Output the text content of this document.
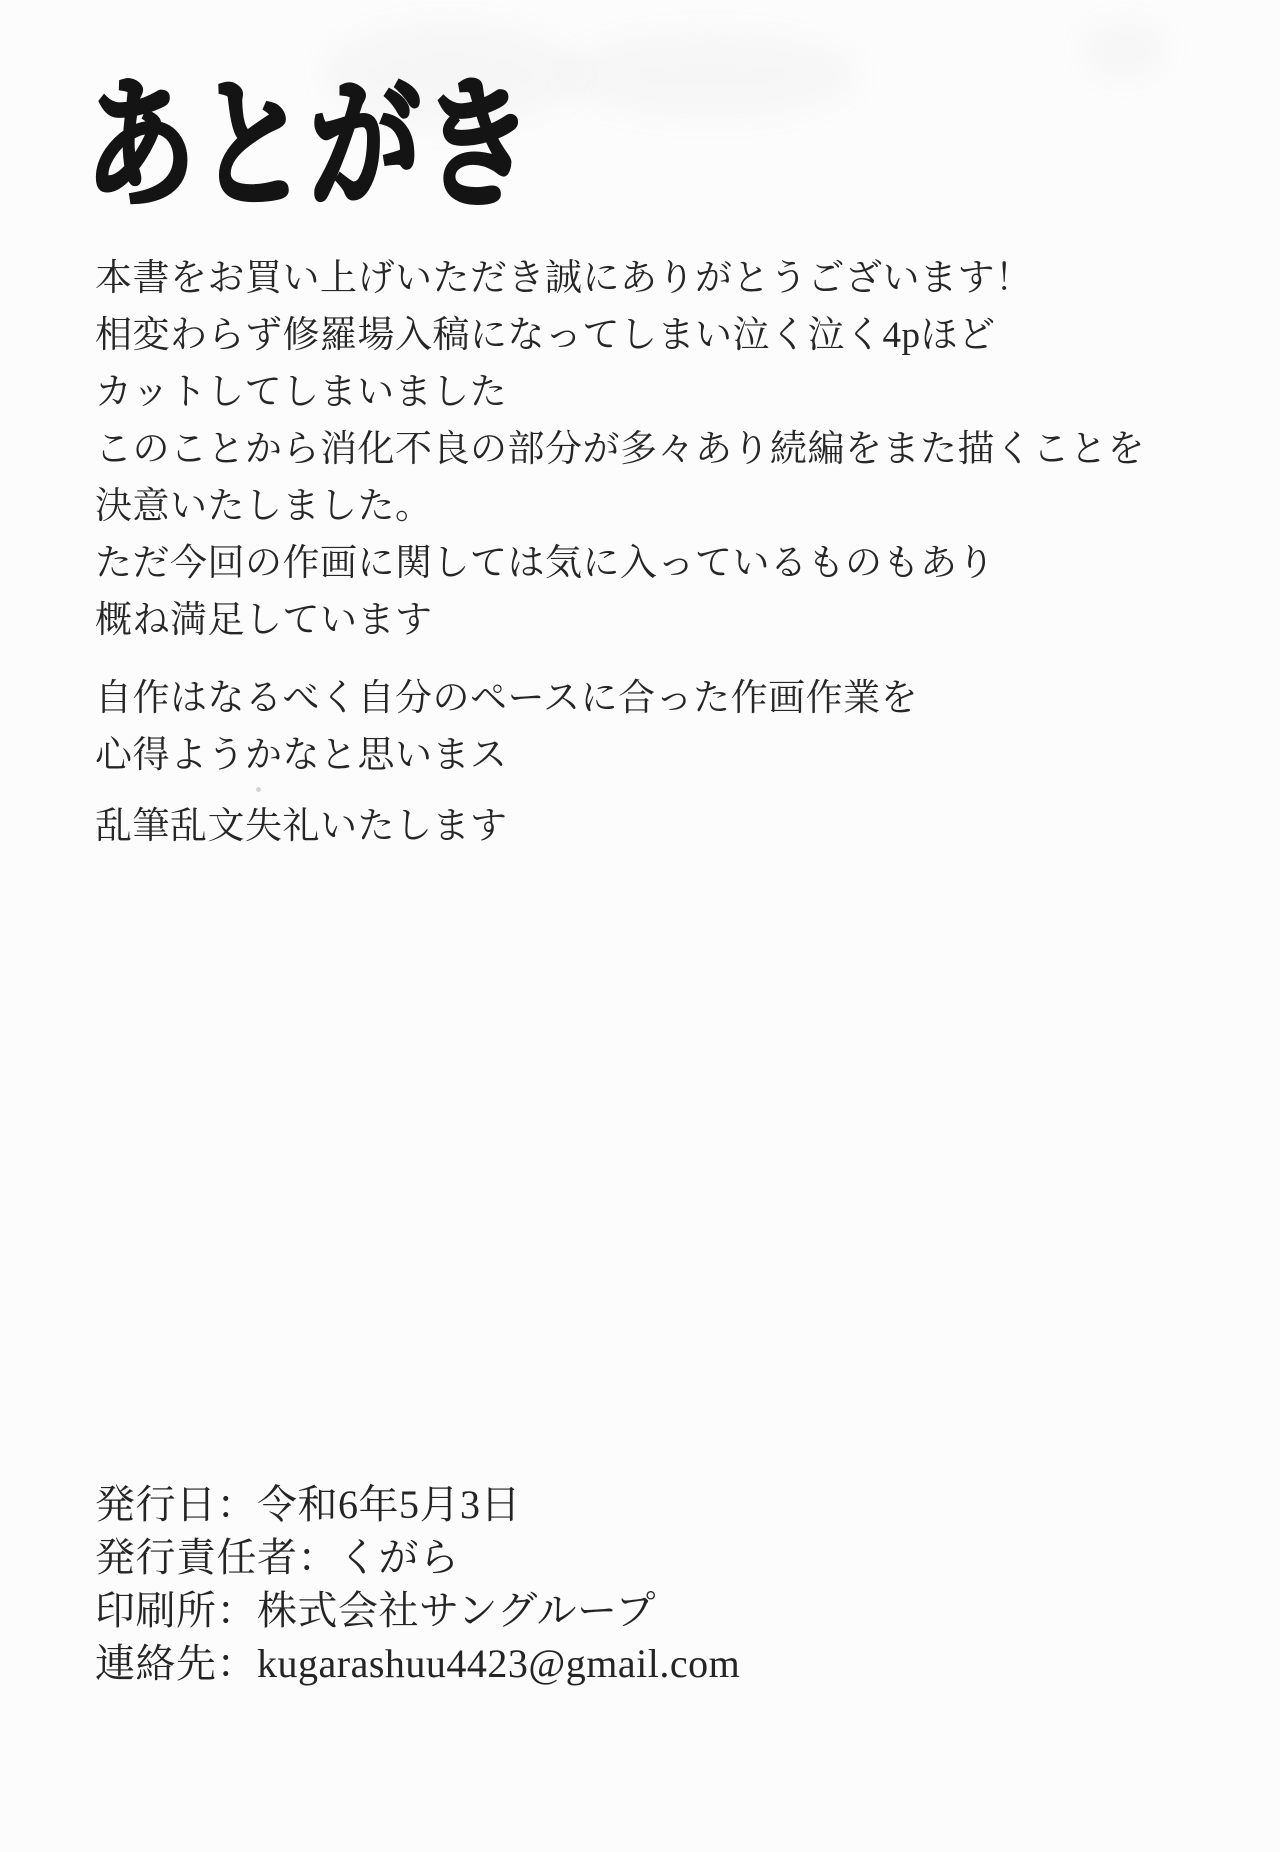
あとがき
本書をお買い上げいただき誠にありがとうございます！
相変わらず修羅場入稿になってしまい泣く泣く4pほど
カットしてしまいました
このことから消化不良の部分が多々あり続編をまた描くことを
決意いたしました。
ただ今回の作画に関しては気に入っているものもあり
概ね満足しています
自作はなるべく自分のペースに合った作画作業を
心得ようかなと思いまス
乱筆乱文失礼いたします
発行日：令和6年5月3日
発行責任者：くがら
印刷所：株式会社サングループ
連絡先：kugarashuu4423@gmail.com
